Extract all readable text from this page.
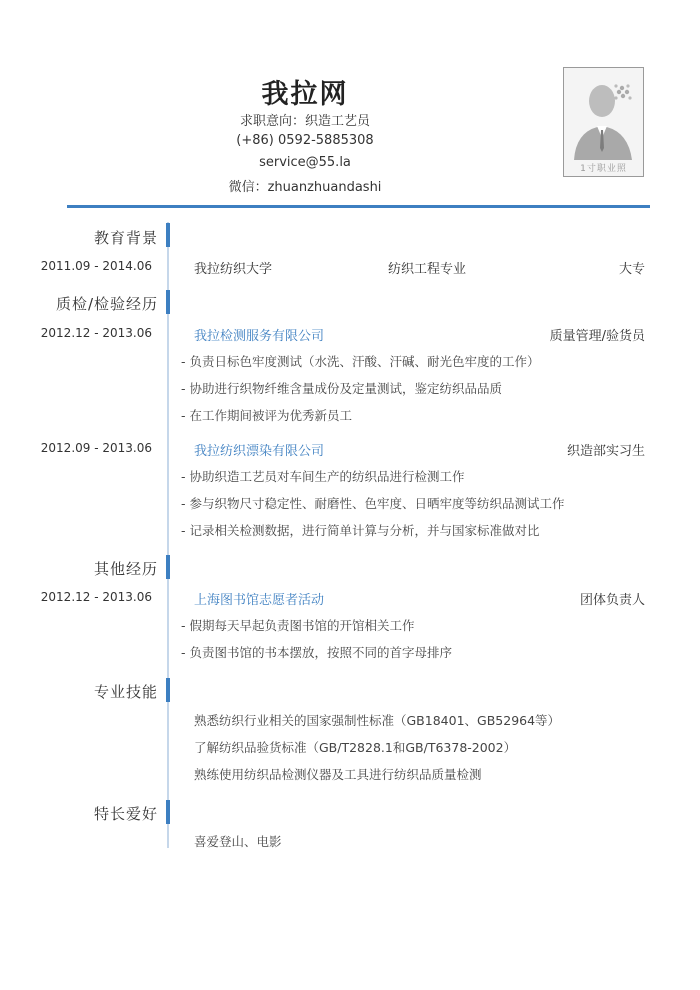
我拉网
求职意向：织造工艺员
(+86) 0592-5885308
service@55.la
微信：zhuanzhuandashi
1寸职业照
教育背景
2011.09 - 2014.06	我拉纺织大学	纺织工程专业	大专
质检/检验经历
2012.12 - 2013.06	我拉检测服务有限公司	质量管理/验货员
- 负责日标色牢度测试（水洗、汗酸、汗碱、耐光色牢度的工作）
- 协助进行织物纤维含量成份及定量测试，鉴定纺织品品质
- 在工作期间被评为优秀新员工
2012.09 - 2013.06	我拉纺织漂染有限公司	织造部实习生
- 协助织造工艺员对车间生产的纺织品进行检测工作
- 参与织物尺寸稳定性、耐磨性、色牢度、日晒牢度等纺织品测试工作
- 记录相关检测数据，进行简单计算与分析，并与国家标准做对比
其他经历
2012.12 - 2013.06	上海图书馆志愿者活动	团体负责人
- 假期每天早起负责图书馆的开馆相关工作
- 负责图书馆的书本摆放，按照不同的首字母排序
专业技能
熟悉纺织行业相关的国家强制性标准（GB18401、GB52964等）
了解纺织品验货标准（GB/T2828.1和GB/T6378-2002）
熟练使用纺织品检测仪器及工具进行纺织品质量检测
特长爱好
喜爱登山、电影
